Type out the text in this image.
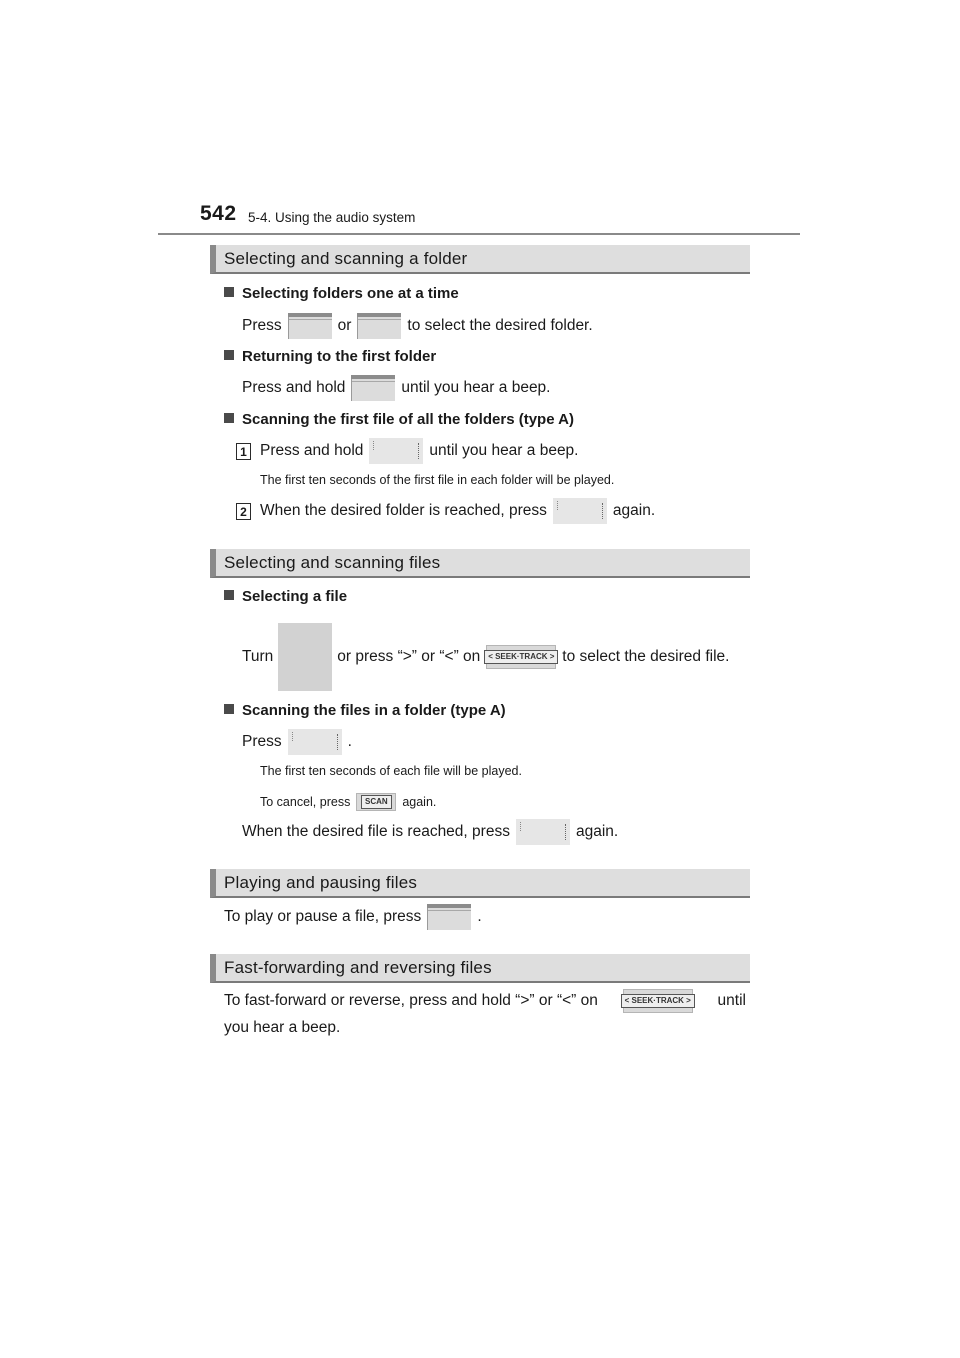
542 5-4. Using the audio system
Selecting and scanning a folder
Selecting folders one at a time
Press	or	to select the desired folder.
Returning to the first folder
Press and hold	until you hear a beep.
Scanning the first file of all the folders (type A)
1 Press and hold	until you hear a beep.
The first ten seconds of the first file in each folder will be played.
2 When the desired folder is reached, press	again.
Selecting and scanning files
Selecting a file
Turn	or press “>” or “<” on < SEEK·TRACK > to select the desired file.
Scanning the files in a folder (type A)
Press	.
The first ten seconds of each file will be played.
To cancel, press	SCAN	again.
When the desired file is reached, press	again.
Playing and pausing files
To play or pause a file, press	.
Fast-forwarding and reversing files
To fast-forward or reverse, press and hold “>” or “<” on	< SEEK·TRACK > until
you hear a beep.
